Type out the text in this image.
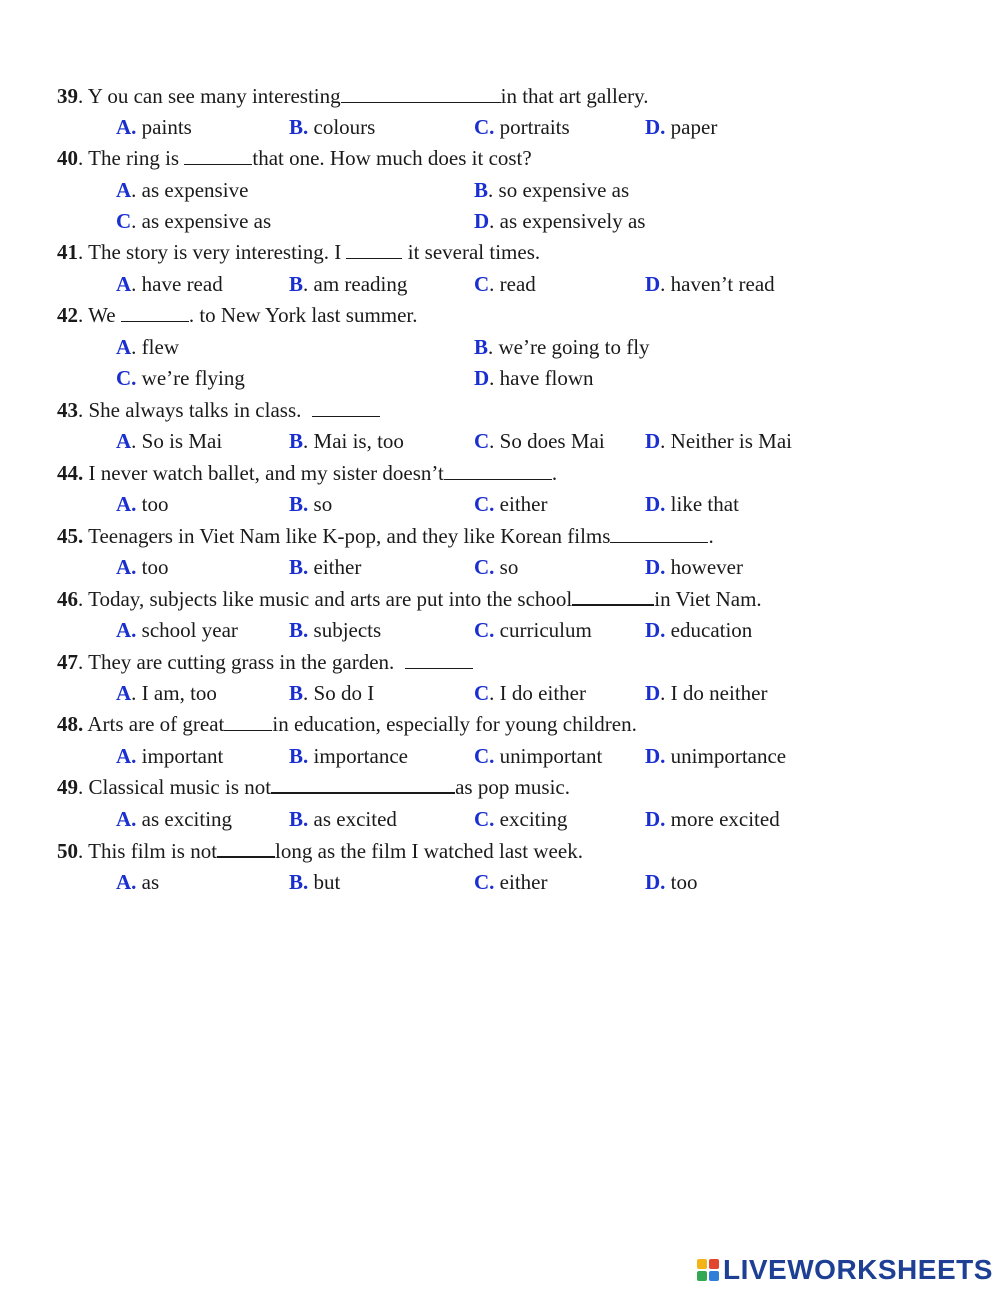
39. Y ou can see many interesting	in that art gallery.
A. paints	B. colours	C. portraits	D. paper
40. The ring is	that one. How much does it cost?
A. as expensive	B. so expensive as
C. as expensive as	D. as expensively as
41. The story is very interesting. I	it several times.
A. have read	B. am reading	C. read	D. haven’t read
42. We	. to New York last summer.
A. flew	B. we’re going to fly
C. we’re flying	D. have flown
43. She always talks in class.
A. So is Mai	B. Mai is, too	C. So does Mai D. Neither is Mai
44. I never watch ballet, and my sister doesn’t	.
A. too	B. so	C. either	D. like that
45. Teenagers in Viet Nam like K-pop, and they like Korean films	.
A. too	B. either	C. so	D. however
46. Today, subjects like music and arts are put into the school	in Viet Nam.
A. school year B. subjects	C. curriculum	D. education
47. They are cutting grass in the garden.
A. I am, too	B. So do I	C. I do either	D. I do neither
48. Arts are of great in education, especially for young children.
A. important	B. importance	C. unimportant D. unimportance
49. Classical music is not	as pop music.
A. as exciting	B. as excited	C. exciting	D. more excited
50. This film is not	long as the film I watched last week.
A. as	B. but	C. either	D. too
LIVEWORKSHEETS
